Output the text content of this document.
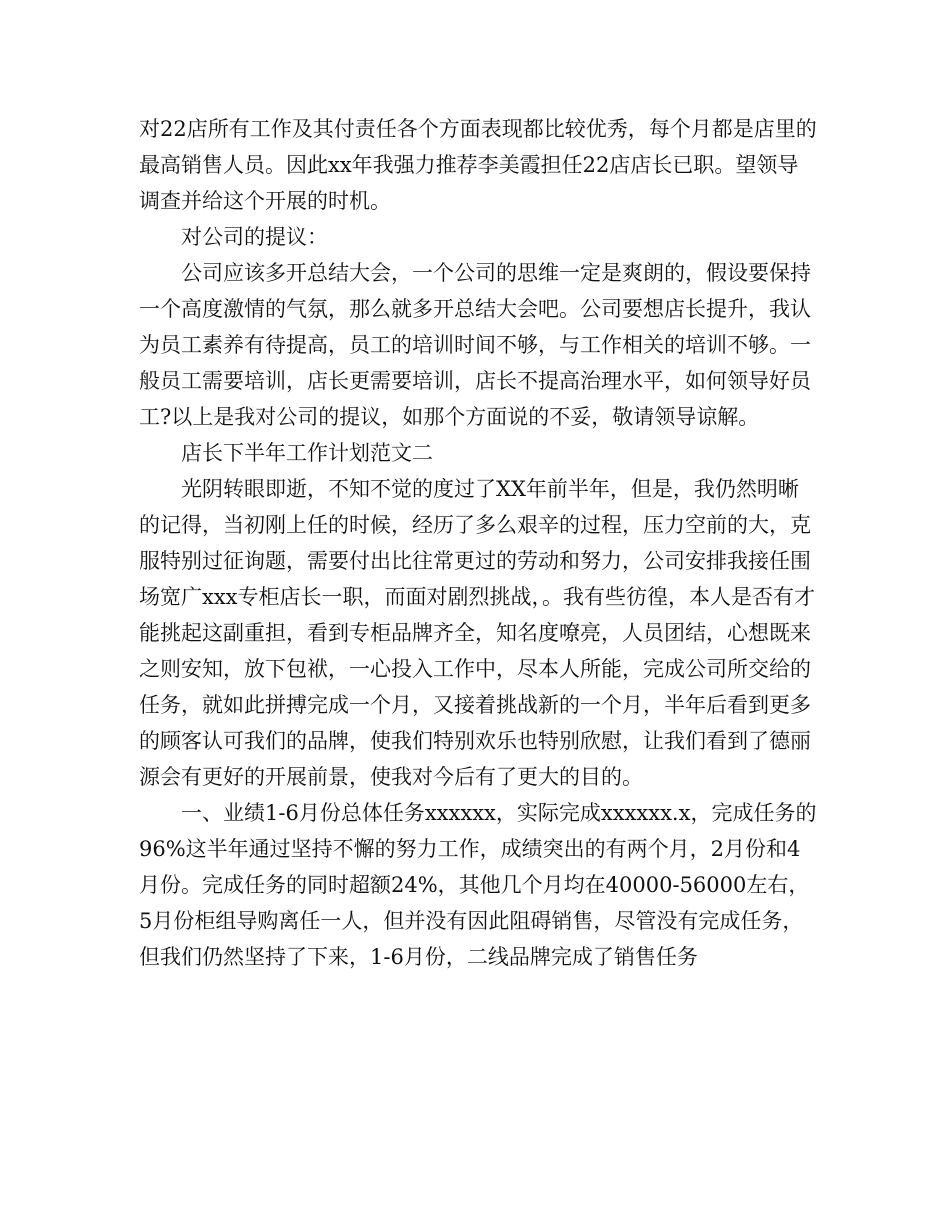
对22店所有工作及其付责任各个方面表现都比较优秀，每个月都是店里的最高销售人员。因此xx年我强力推荐李美霞担任22店店长已职。望领导调查并给这个开展的时机。

对公司的提议：

公司应该多开总结大会，一个公司的思维一定是爽朗的，假设要保持一个高度激情的气氛，那么就多开总结大会吧。公司要想店长提升，我认为员工素养有待提高，员工的培训时间不够，与工作相关的培训不够。一般员工需要培训，店长更需要培训，店长不提高治理水平，如何领导好员工?以上是我对公司的提议，如那个方面说的不妥，敬请领导谅解。

店长下半年工作计划范文二

光阴转眼即逝，不知不觉的度过了XX年前半年，但是，我仍然明晰的记得，当初刚上任的时候，经历了多么艰辛的过程，压力空前的大，克服特别过征询题，需要付出比往常更过的劳动和努力，公司安排我接任围场宽广xxx专柜店长一职，而面对剧烈挑战，。我有些彷徨，本人是否有才能挑起这副重担，看到专柜品牌齐全，知名度嘹亮，人员团结，心想既来之则安知，放下包袱，一心投入工作中，尽本人所能，完成公司所交给的任务，就如此拼搏完成一个月，又接着挑战新的一个月，半年后看到更多的顾客认可我们的品牌，使我们特别欢乐也特别欣慰，让我们看到了德丽源会有更好的开展前景，使我对今后有了更大的目的。

一、业绩1-6月份总体任务xxxxxx，实际完成xxxxxx.x，完成任务的96%这半年通过坚持不懈的努力工作，成绩突出的有两个月，2月份和4月份。完成任务的同时超额24%，其他几个月均在40000-56000左右，5月份柜组导购离任一人，但并没有因此阻碍销售，尽管没有完成任务，但我们仍然坚持了下来，1-6月份，二线品牌完成了销售任务
